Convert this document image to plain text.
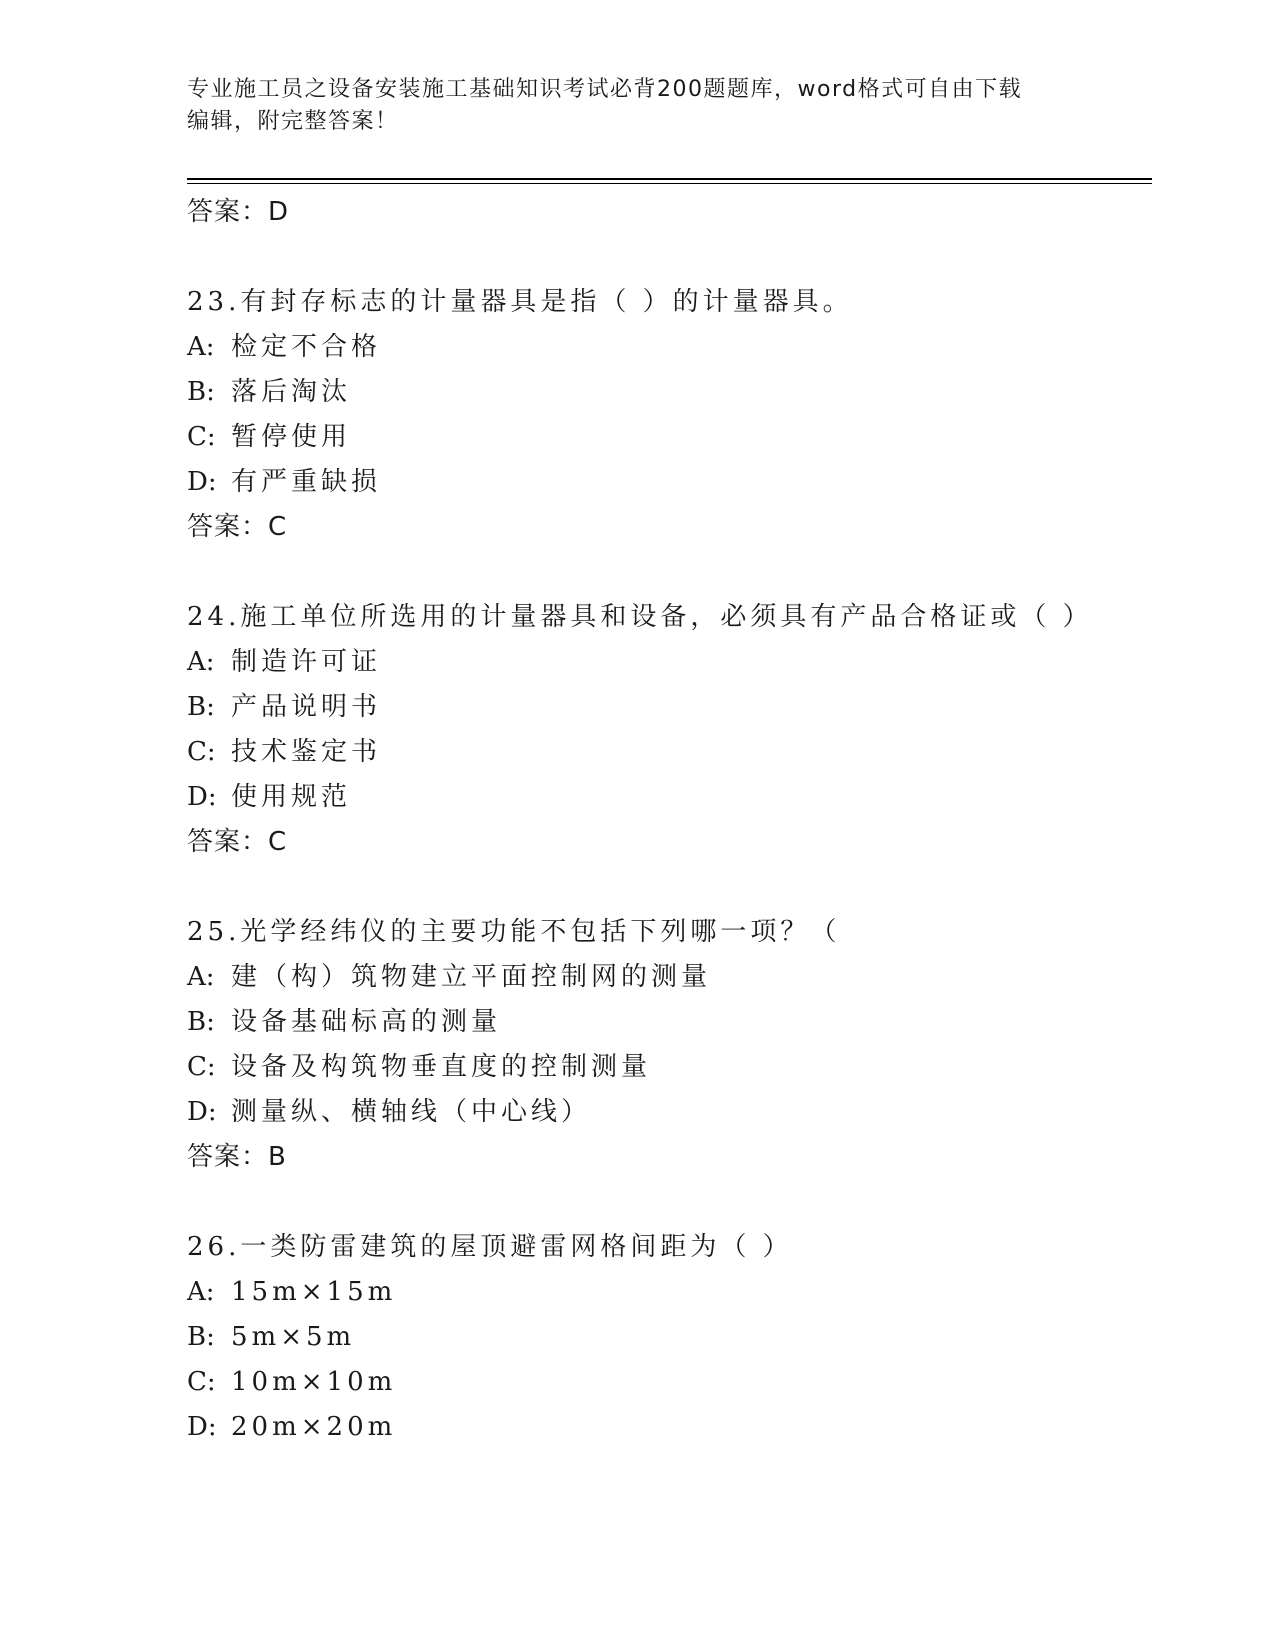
专业施工员之设备安装施工基础知识考试必背200题题库，word格式可自由下载
编辑，附完整答案！
答案：D
23.有封存标志的计量器具是指（ ）的计量器具。
A: 检定不合格
B: 落后淘汰
C: 暂停使用
D: 有严重缺损
答案：C
24.施工单位所选用的计量器具和设备，必须具有产品合格证或（ ）
A: 制造许可证
B: 产品说明书
C: 技术鉴定书
D: 使用规范
答案：C
25.光学经纬仪的主要功能不包括下列哪一项？（
A: 建（构）筑物建立平面控制网的测量
B: 设备基础标高的测量
C: 设备及构筑物垂直度的控制测量
D: 测量纵、横轴线（中心线）
答案：B
26.一类防雷建筑的屋顶避雷网格间距为（ ）
A: 15m×15m
B: 5m×5m
C: 10m×10m
D: 20m×20m
